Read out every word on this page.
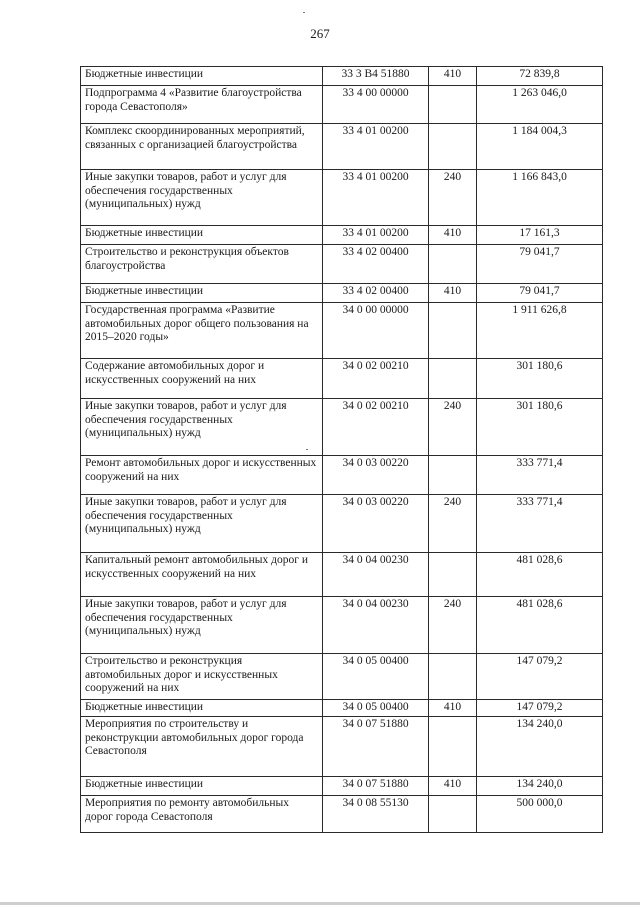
267
Бюджетные инвестиции	33 3 В4 51880	410	72 839,8
Подпрограмма 4 «Развитие благоустройства города Севастополя»	33 4 00 00000		1 263 046,0
Комплекс скоординированных мероприятий, связанных с организацией благоустройства	33 4 01 00200		1 184 004,3
Иные закупки товаров, работ и услуг для обеспечения государственных (муниципальных) нужд	33 4 01 00200	240	1 166 843,0
Бюджетные инвестиции	33 4 01 00200	410	17 161,3
Строительство и реконструкция объектов благоустройства	33 4 02 00400		79 041,7
Бюджетные инвестиции	33 4 02 00400	410	79 041,7
Государственная программа «Развитие автомобильных дорог общего пользования на 2015–2020 годы»	34 0 00 00000		1 911 626,8
Содержание автомобильных дорог и искусственных сооружений на них	34 0 02 00210		301 180,6
Иные закупки товаров, работ и услуг для обеспечения государственных (муниципальных) нужд	34 0 02 00210	240	301 180,6
Ремонт автомобильных дорог и искусственных сооружений на них	34 0 03 00220		333 771,4
Иные закупки товаров, работ и услуг для обеспечения государственных (муниципальных) нужд	34 0 03 00220	240	333 771,4
Капитальный ремонт автомобильных дорог и искусственных сооружений на них	34 0 04 00230		481 028,6
Иные закупки товаров, работ и услуг для обеспечения государственных (муниципальных) нужд	34 0 04 00230	240	481 028,6
Строительство и реконструкция автомобильных дорог и искусственных сооружений на них	34 0 05 00400		147 079,2
Бюджетные инвестиции	34 0 05 00400	410	147 079,2
Мероприятия по строительству и реконструкции автомобильных дорог города Севастополя	34 0 07 51880		134 240,0
Бюджетные инвестиции	34 0 07 51880	410	134 240,0
Мероприятия по ремонту автомобильных дорог города Севастополя	34 0 08 55130		500 000,0
